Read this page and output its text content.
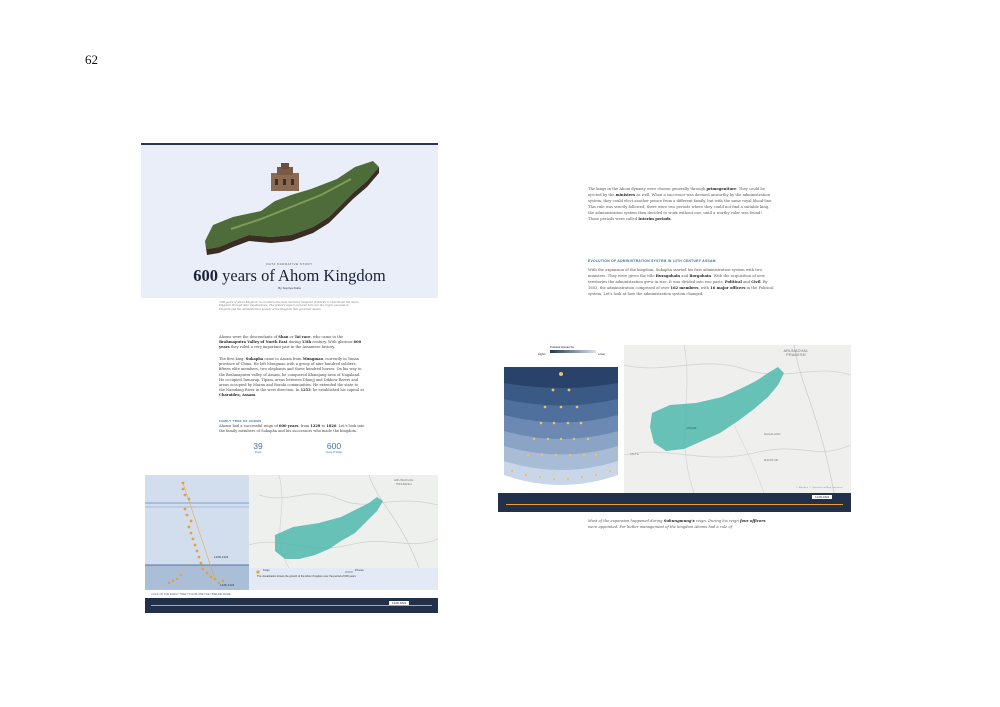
62
DATA NARRATIVE STORY
600 years of Ahom Kingdom
By Supriya Dutta
"600 years of Ahom Kingdom" is an interactive data narrative designed primarily to understand the Ahom Kingdom through data visualizations. The primary aspect explored here are the origin, succession, kingdom and the administrative system of the Kingdom that governed Assam.
Ahoms were the descendants of Shan or Tai race, who came to the Brahmaputra Valley of North East during 13th century. With glorious 600 years they ruled a very important part in the Assamese history.
The first king, Sukapha came to Assam from Mungmao, currently in Yunan province of China. He left Mungmao with a group of nine hundred soldiers, fifteen elite members, two elephants and three hundred horses. On his way to the Brahmaputra valley of Assam, he conquered Khamjang area of Nagaland. He occupied Tamarup, Tipam, areas between Dhanjj and Dikhow Rivers and areas occupied by Maran and Borahi communities. He extended the state to the Namdang River in the west direction. In 1253, he established his capital at Charaideo, Assam.
FAMILY TREE OF AHOMS
Ahoms had a successful reign of 600 years, from 1228 to 1826. Let's look into the family members of Sukapha and his successors who made the kingdom.
39
Kings
600
Years of Reign
1228-1324
1228-1324
ARUNACHAL PRADESH
Kings	Princes
The visualization shows the growth of the Ahom Kingdom over the period of 600 years
CLICK ON THE FAMILY TREE TO EXPLORE THE TIMELINE MORE
1228-1824
The kings in the Ahom dynasty were chosen generally through primogeniture. They could be ejected by the ministers as well. When a successor was deemed unworthy by the administration system, they could elect another prince from a different family, but with the same royal blood-line. This rule was strictly followed; there were two periods where they could not find a suitable king, the administration system then decided to work without one, until a worthy ruler was found! Those periods were called Interim periods.
EVOLUTION OF ADMINISTRATION SYSTEM IN 13TH CENTURY ASSAM
With the expansion of the kingdom, Sukapha started his first administration system with two ministers. They were given the title Buragohain and Borgohain. With the acquisition of new territories the administration grew in size. It was divided into two parts, Political and Civil. By 1603, the administration comprised of over 162 members, with 16 major officers in the Political system. Let's look at how the administration system changed.
Political Hierarchy
Higher	Lower
ARUNACHAL PRADESH
ASSAM
NAGALAND
MANIPUR
JALTA
© Mapbox © OpenStreetMap Improve
1228-1824
Most of the expansion happened during Suhungmung's reign. During his reign four officers were appointed. For better management of the kingdom Ahoms had a rule of
